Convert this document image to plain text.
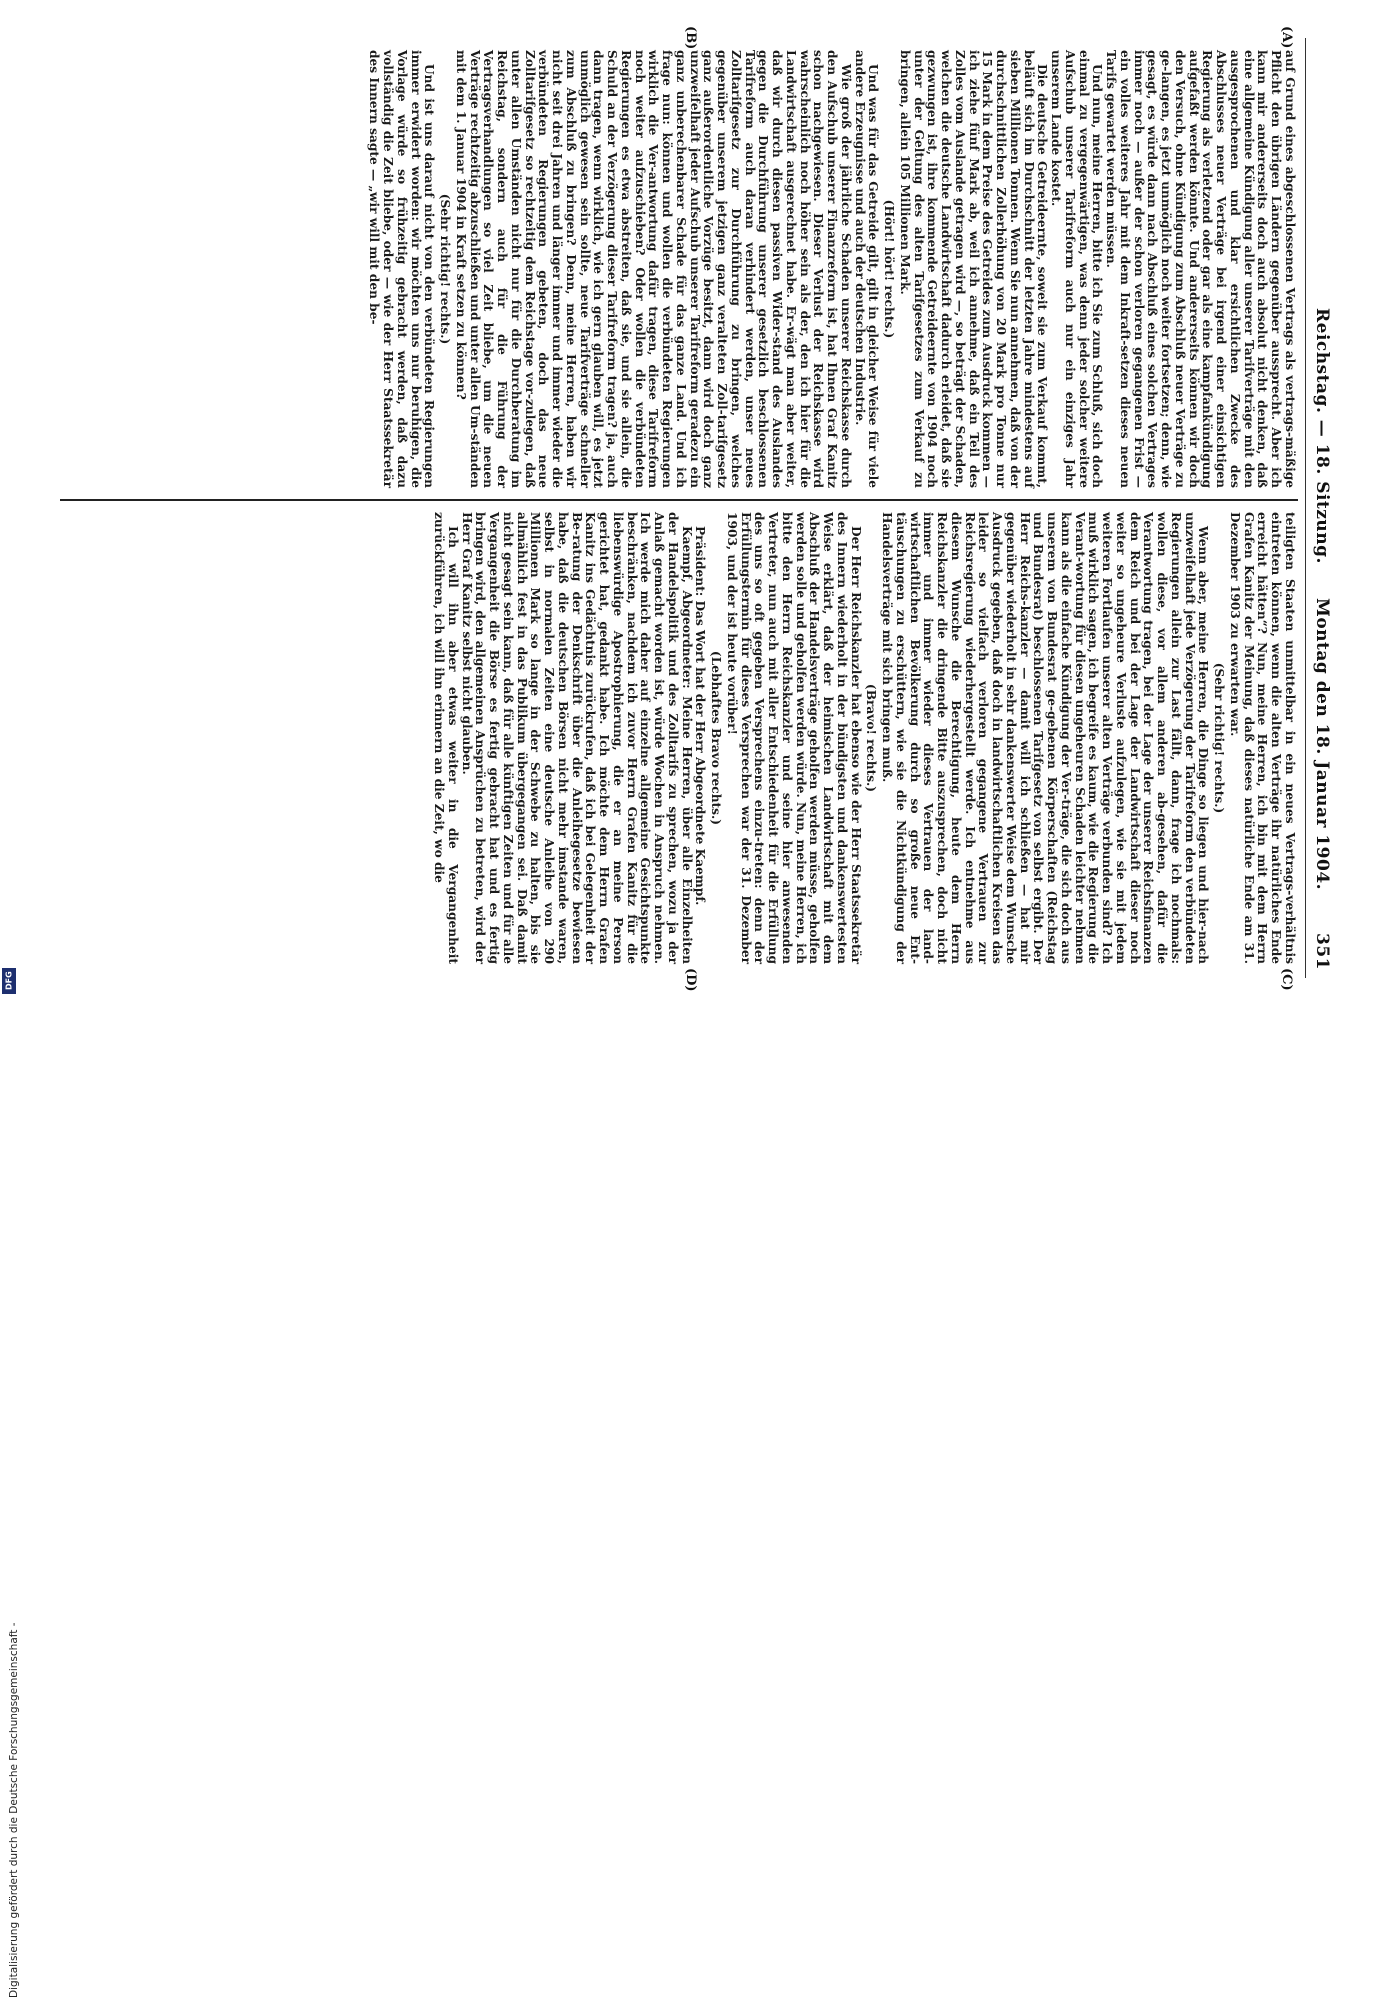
Reichstag. — 18. Sitzung.
Montag den 18. Januar 1904.
351
(A)
(B)
(C)
(D)

auf Grund eines abgeschlossenen Vertrags als vertrags-mäßige Pflicht den übrigen Ländern gegenüber aussprecht. Aber ich kann mir andererseits doch auch absolut nicht denken, daß eine allgemeine Kündigung aller unserer Tarifverträge mit den ausgesprochenen und klar ersichtlichen Zwecke des Abschlusses neuer Verträge bei irgend einer einsichtigen Regierung als verletzend oder gar als eine kampfankündigung aufgefaßt werden könnte. Und andererseits können wir doch den Versuch, ohne Kündigung zum Abschluß neuer Verträge zu ge-langen, es jetzt unmöglich noch weiter fortsetzen; denn, wie gesagt, es würde dann nach Abschluß eines solchen Vertrages immer noch — außer der schon verloren gegangenen Frist — ein volles weiteres Jahr mit dem Inkraft-setzen dieses neuen Tarifs gewartet werden müssen.

Und nun, meine Herren, bitte ich Sie zum Schluß, sich doch einmal zu vergegenwärtigen, was denn jeder solcher weitere Aufschub unserer Tarifreform auch nur ein einziges Jahr unserem Lande kostet.

Die deutsche Getreideernte, soweit sie zum Verkauf kommt, beläuft sich im Durchschnitt der letzten Jahre mindestens auf sieben Millionen Tonnen. Wenn Sie nun annehmen, daß von der durchschnittlichen Zollerhöhung von 20 Mark pro Tonne nur 15 Mark in dem Preise des Getreides zum Ausdruck kommen — ich ziehe fünf Mark ab, weil ich annehme, daß ein Teil des Zolles vom Auslande getragen wird —, so beträgt der Schaden, welchen die deutsche Landwirtschaft dadurch erleidet, daß sie gezwungen ist, ihre kommende Getreideernte von 1904 noch unter der Geltung des alten Tarifgesetzes zum Verkauf zu bringen, allein 105 Millionen Mark.

(Hört! hört! rechts.)

Und was für das Getreide gilt, gilt in gleicher Weise für viele andere Erzeugnisse und auch der deutschen Industrie.

Wie groß der jährliche Schaden unserer Reichskasse durch den Aufschub unserer Finanzreform ist, hat Ihnen Graf Kanitz schon nachgewiesen. Dieser Verlust der Reichskasse wird wahrscheinlich noch höher sein als der, den ich hier für die Landwirtschaft ausgerechnet habe. Er-wägt man aber weiter, daß wir durch diesen passiven Wider-stand des Auslandes gegen die Durchführung unserer gesetzlich beschlossenen Tarifreform auch daran verhindert werden, unser neues Zolltarifgesetz zur Durchführung zu bringen, welches gegenüber unserem jetzigen ganz veralteten Zoll-tarifgesetz ganz außerordentliche Vorzüge besitzt, dann wird doch ganz unzweifelhaft jeder Aufschub unserer Tarifreform geradezu ein ganz unberechenbarer Schade für das ganze Land. Und ich frage nun: können und wollen die verbündeten Regierungen wirklich die Ver-antwortung dafür tragen, diese Tarifreform noch weiter aufzuschieben? Oder wollen die verbündeten Regierungen es etwa abstreiten, daß sie, und sie allein, die Schuld an der Verzögerung dieser Tarifreform tragen? ja, auch dann tragen, wenn wirklich, wie ich gern glauben will, es jetzt unmöglich gewesen sein sollte, neue Tarifverträge schneller zum Abschluß zu bringen? Denn, meine Herren, haben wir nicht seit drei Jahren und länger immer und immer wieder die verbündeten Regierungen gebeten, doch das neue Zolltarifgesetz so rechtzeitig dem Reichstage vor-zulegen, daß unter allen Umständen nicht nur für die Durchberatung im Reichstag, sondern auch für die Führung der Vertragsverhandlungen so viel Zeit bliebe, um die neuen Verträge rechtzeitig abzuschließen und unter allen Um-ständen mit dem 1. Januar 1904 in Kraft setzen zu können?

(Sehr richtig! rechts.)

Und ist uns darauf nicht von den verbündeten Regierungen immer erwidert worden: wir möchten uns nur beruhigen, die Vorlage würde so frühzeitig gebracht werden, daß dazu vollständig die Zeit bliebe, oder — wie der Herr Staatssekretär des Innern sagte — „wir will mit den be-

teiligten Staaten unmittelbar in ein neues Vertrags-verhältnis eintreten können, wenn die alten Verträge ihr natürliches Ende erreicht hätten“? Nun, meine Herren, ich bin mit dem Herrn Grafen Kanitz der Meinung, daß dieses natürliche Ende am 31. Dezember 1903 zu erwarten war.

(Sehr richtig! rechts.)

Wenn aber, meine Herren, die Dinge so liegen und hier-nach unzweifelhaft jede Verzögerung der Tarifreform den verbündeten Regierungen allein zur Last fällt, dann, frage ich nochmals: wollen diese, vor allem anderen ab-gesehen, dafür die Verantwortung tragen, bei der Lage der unserer Reichsfinanzen dem Reich und bei der Lage der Landwirtschaft dieser noch weiter so ungeheure Verluste aufzulegen, wie sie mit jedem weiteren Fortlaufen unserer alten Verträge verbunden sind? Ich muß wirklich sagen, ich begreife es kaum, wie die Regierung die Verant-wortung für diesen ungeheuren Schaden leichter nehmen kann als die einfache Kündigung der Ver-träge, die sich doch aus unserem von Bundesrat ge-gebenen Körperschaften (Reichstag und Bundesrat) beschlossenen Tarifgesetz von selbst ergibt. Der Herr Reichs-kanzler — damit will ich schließen — hat mir gegenüber wiederholt in sehr dankenswerter Weise dem Wunsche Ausdruck gegeben, daß doch in landwirtschaftlichen Kreisen das leider so vielfach verloren gegangene Vertrauen zur Reichsregierung wiederhergestellt werde. Ich entnehme aus diesem Wunsche die Berechtigung, heute dem Herrn Reichskanzler die dringende Bitte auszusprechen, doch nicht immer und immer wieder dieses Vertrauen der land-wirtschaftlichen Bevölkerung durch so große neue Ent-täuschungen zu erschüttern, wie sie die Nichtkündigung der Handelsverträge mit sich bringen muß.

(Bravo! rechts.)

Der Herr Reichskanzler hat ebenso wie der Herr Staatssekretär des Innern wiederholt in der bündigsten und dankenswertesten Weise erklärt, daß der heimischen Landwirtschaft mit dem Abschluß der Handelsverträge geholfen werden müsse, geholfen werden solle und geholfen werden würde. Nun, meine Herren, ich bitte den Herrn Reichskanzler und seine hier anwesenden Vertreter, nun auch mit aller Entschiedenheit für die Erfüllung des uns so oft gegeben Versprechens einzu-treten: denn der Erfüllungstermin für dieses Versprechen war der 31. Dezember 1903, und der ist heute vorüber!

(Lebhaftes Bravo rechts.)

Präsident: Das Wort hat der Herr Abgeordnete Kaempf.

Kaempf, Abgeordneter: Meine Herren, über alle Einzelheiten der Handelspolitik und des Zolltarifs zu sprechen, wozu ja der Anlaß gemacht worden ist, würde Wochen in Anspruch nehmen. Ich werde mich daher auf einzelne allgemeine Gesichtspunkte beschränken, nachdem ich zuvor Herrn Grafen Kanitz für die liebenswürdige Apostrophierung, die er an meine Person gerichtet hat, gedankt habe. Ich möchte dem Herrn Grafen Kanitz ins Gedächtnis zurückrufen, daß ich bei Gelegenheit der Be-ratung der Denkschrift über die Anleihegesetze bewiesen habe, daß die deutschen Börsen nicht mehr imstande waren, selbst in normalen Zeiten eine deutsche Anleihe von 290 Millionen Mark so lange in der Schwebe zu halten, bis sie allmählich fest in das Publikum übergegangen sei. Daß damit nicht gesagt sein kann, daß für alle künftigen Zeiten und für alle Vergangenheit die Börse es fertig gebracht hat und es fertig bringen wird, den allgemeinen Ansprüchen zu betreten, wird der Herr Graf Kanitz selbst nicht glauben.

Ich will ihn aber etwas weiter in die Vergangenheit zurückführen, ich will ihn erinnern an die Zeit, wo die

Digitalisierung gefördert durch die Deutsche Forschungsgemeinschaft -
DFG
